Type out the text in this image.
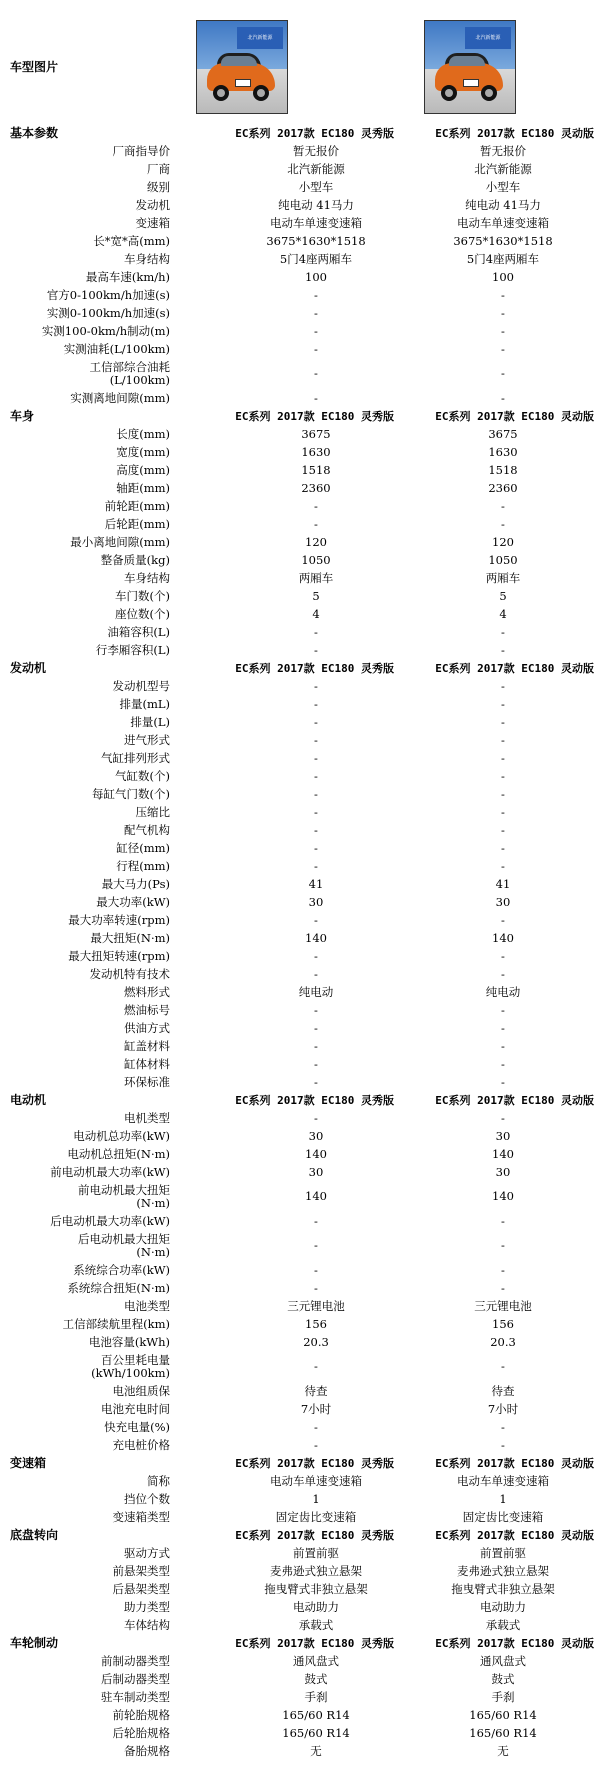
车型图片
北汽新能源	北汽新能源
基本参数	EC系列 2017款 EC180 灵秀版	EC系列 2017款 EC180 灵动版
厂商指导价	暂无报价	暂无报价
厂商	北汽新能源	北汽新能源
级别	小型车	小型车
发动机	纯电动 41马力	纯电动 41马力
变速箱	电动车单速变速箱	电动车单速变速箱
长*宽*高(mm)	3675*1630*1518	3675*1630*1518
车身结构	5门4座两厢车	5门4座两厢车
最高车速(km/h)	100	100
官方0-100km/h加速(s)	-	-
实测0-100km/h加速(s)	-	-
实测100-0km/h制动(m)	-	-
实测油耗(L/100km)	-	-

工信部综合油耗
(L/100km)	-	-
实测离地间隙(mm)	-	-
车身	EC系列 2017款 EC180 灵秀版	EC系列 2017款 EC180 灵动版
长度(mm)	3675	3675
宽度(mm)	1630	1630
高度(mm)	1518	1518
轴距(mm)	2360	2360
前轮距(mm)	-	-
后轮距(mm)	-	-
最小离地间隙(mm)	120	120
整备质量(kg)	1050	1050
车身结构	两厢车	两厢车
车门数(个)	5	5
座位数(个)	4	4
油箱容积(L)	-	-
行李厢容积(L)	-	-
发动机	EC系列 2017款 EC180 灵秀版	EC系列 2017款 EC180 灵动版
发动机型号	-	-
排量(mL)	-	-
排量(L)	-	-
进气形式	-	-
气缸排列形式	-	-
气缸数(个)	-	-
每缸气门数(个)	-	-
压缩比	-	-
配气机构	-	-
缸径(mm)	-	-
行程(mm)	-	-
最大马力(Ps)	41	41
最大功率(kW)	30	30
最大功率转速(rpm)	-	-
最大扭矩(N·m)	140	140
最大扭矩转速(rpm)	-	-
发动机特有技术	-	-
燃料形式	纯电动	纯电动
燃油标号	-	-
供油方式	-	-
缸盖材料	-	-
缸体材料	-	-
环保标准	-	-
电动机	EC系列 2017款 EC180 灵秀版	EC系列 2017款 EC180 灵动版
电机类型	-	-
电动机总功率(kW)	30	30
电动机总扭矩(N·m)	140	140
前电动机最大功率(kW)	30	30

前电动机最大扭矩
(N·m)	140	140
后电动机最大功率(kW)	-	-

后电动机最大扭矩
(N·m)	-	-
系统综合功率(kW)	-	-
系统综合扭矩(N·m)	-	-
电池类型	三元锂电池	三元锂电池
工信部续航里程(km)	156	156
电池容量(kWh)	20.3	20.3

百公里耗电量
(kWh/100km)	-	-
电池组质保	待查	待查
电池充电时间	7小时	7小时
快充电量(%)	-	-
充电桩价格	-	-
变速箱	EC系列 2017款 EC180 灵秀版	EC系列 2017款 EC180 灵动版
简称	电动车单速变速箱	电动车单速变速箱
挡位个数	1	1
变速箱类型	固定齿比变速箱	固定齿比变速箱
底盘转向	EC系列 2017款 EC180 灵秀版	EC系列 2017款 EC180 灵动版
驱动方式	前置前驱	前置前驱
前悬架类型	麦弗逊式独立悬架	麦弗逊式独立悬架
后悬架类型	拖曳臂式非独立悬架	拖曳臂式非独立悬架
助力类型	电动助力	电动助力
车体结构	承载式	承载式
车轮制动	EC系列 2017款 EC180 灵秀版	EC系列 2017款 EC180 灵动版
前制动器类型	通风盘式	通风盘式
后制动器类型	鼓式	鼓式
驻车制动类型	手刹	手刹
前轮胎规格	165/60 R14	165/60 R14
后轮胎规格	165/60 R14	165/60 R14
备胎规格	无	无
